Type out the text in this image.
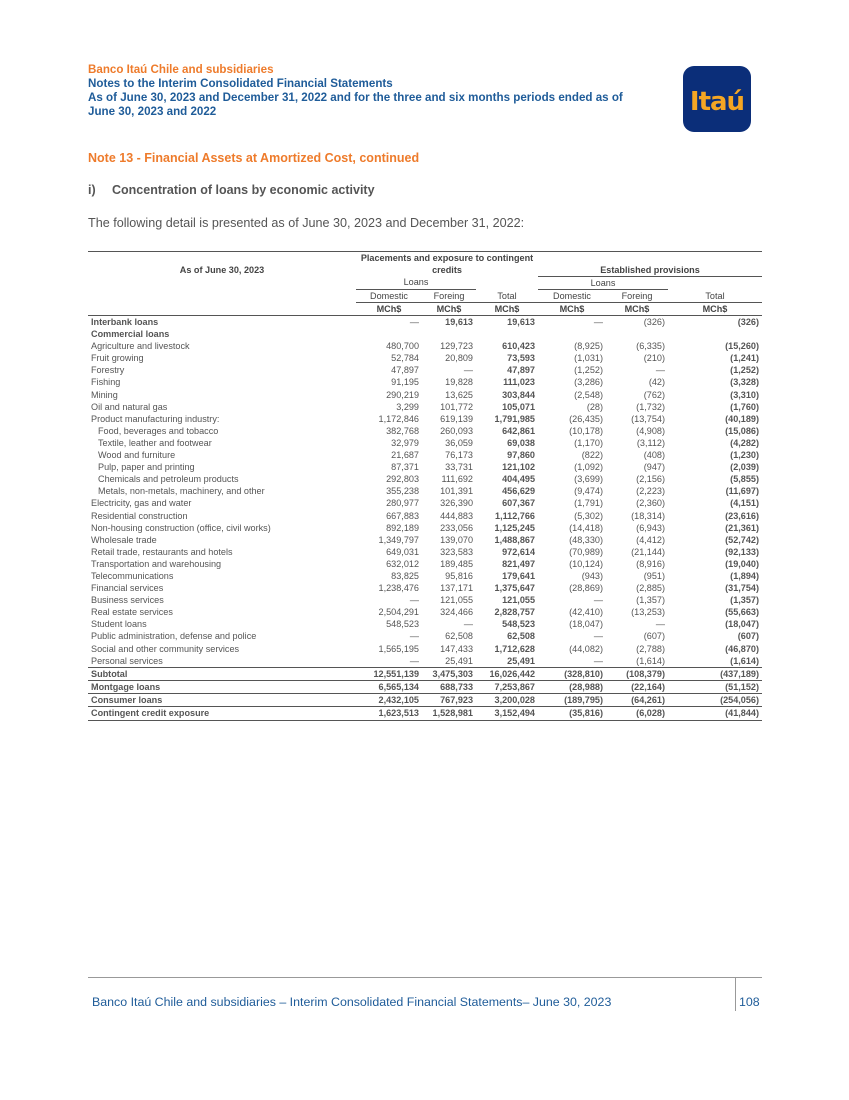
Banco Itaú Chile and subsidiaries
Notes to the Interim Consolidated Financial Statements
As of June 30, 2023 and December 31, 2022 and for the three and six months periods ended as of
June 30, 2023 and 2022	Itaú
Note 13 - Financial Assets at Amortized Cost, continued
i) Concentration of loans by economic activity
The following detail is presented as of June 30, 2023 and December 31, 2022:
As of June 30, 2023	Placements and exposure to contingent					
	credits			Established provisions		
	Loans			Loans		
	Domestic	Foreing	Total	Domestic	Foreing	Total
	MCh$	MCh$	MCh$	MCh$	MCh$	MCh$
Interbank loans	—	19,613	19,613	—	(326)	(326)
Commercial loans						
Agriculture and livestock	480,700	129,723	610,423	(8,925)	(6,335)	(15,260)
Fruit growing	52,784	20,809	73,593	(1,031)	(210)	(1,241)
Forestry	47,897	—	47,897	(1,252)	—	(1,252)
Fishing	91,195	19,828	111,023	(3,286)	(42)	(3,328)
Mining	290,219	13,625	303,844	(2,548)	(762)	(3,310)
Oil and natural gas	3,299	101,772	105,071	(28)	(1,732)	(1,760)
Product manufacturing industry:	1,172,846	619,139	1,791,985	(26,435)	(13,754)	(40,189)
Food, beverages and tobacco	382,768	260,093	642,861	(10,178)	(4,908)	(15,086)
Textile, leather and footwear	32,979	36,059	69,038	(1,170)	(3,112)	(4,282)
Wood and furniture	21,687	76,173	97,860	(822)	(408)	(1,230)
Pulp, paper and printing	87,371	33,731	121,102	(1,092)	(947)	(2,039)
Chemicals and petroleum products	292,803	111,692	404,495	(3,699)	(2,156)	(5,855)
Metals, non-metals, machinery, and other	355,238	101,391	456,629	(9,474)	(2,223)	(11,697)
Electricity, gas and water	280,977	326,390	607,367	(1,791)	(2,360)	(4,151)
Residential construction	667,883	444,883	1,112,766	(5,302)	(18,314)	(23,616)
Non-housing construction (office, civil works)	892,189	233,056	1,125,245	(14,418)	(6,943)	(21,361)
Wholesale trade	1,349,797	139,070	1,488,867	(48,330)	(4,412)	(52,742)
Retail trade, restaurants and hotels	649,031	323,583	972,614	(70,989)	(21,144)	(92,133)
Transportation and warehousing	632,012	189,485	821,497	(10,124)	(8,916)	(19,040)
Telecommunications	83,825	95,816	179,641	(943)	(951)	(1,894)
Financial services	1,238,476	137,171	1,375,647	(28,869)	(2,885)	(31,754)
Business services	—	121,055	121,055	—	(1,357)	(1,357)
Real estate services	2,504,291	324,466	2,828,757	(42,410)	(13,253)	(55,663)
Student loans	548,523	—	548,523	(18,047)	—	(18,047)
Public administration, defense and police	—	62,508	62,508	—	(607)	(607)
Social and other community services	1,565,195	147,433	1,712,628	(44,082)	(2,788)	(46,870)
Personal services	—	25,491	25,491	—	(1,614)	(1,614)
Subtotal	12,551,139	3,475,303	16,026,442	(328,810)	(108,379)	(437,189)
Montgage loans	6,565,134	688,733	7,253,867	(28,988)	(22,164)	(51,152)
Consumer loans	2,432,105	767,923	3,200,028	(189,795)	(64,261)	(254,056)
Contingent credit exposure	1,623,513	1,528,981	3,152,494	(35,816)	(6,028)	(41,844)
Banco Itaú Chile and subsidiaries – Interim Consolidated Financial Statements– June 30, 2023	108
